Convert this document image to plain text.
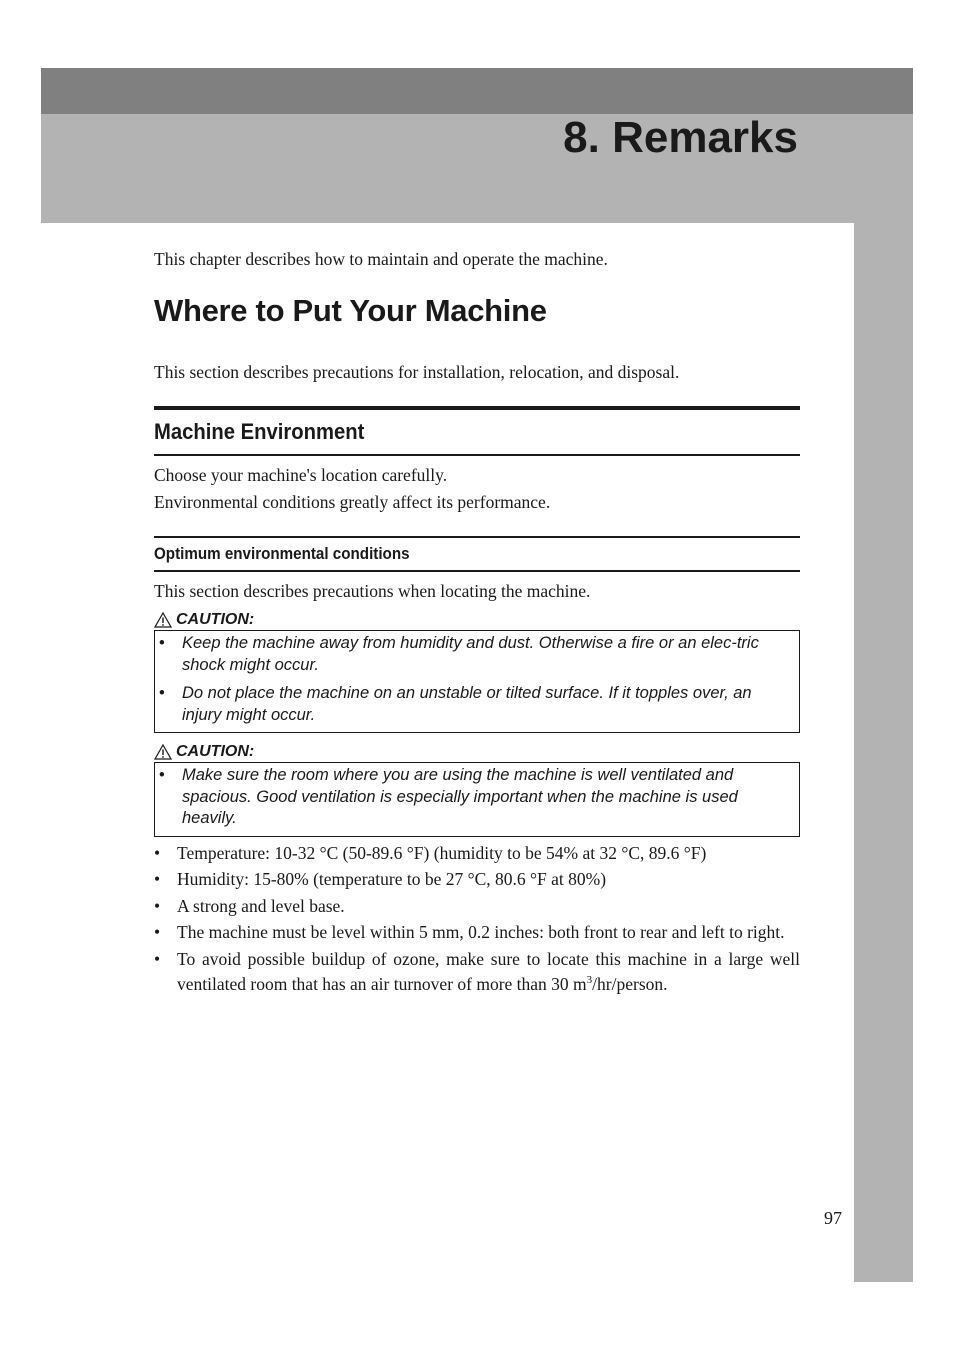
8. Remarks

This chapter describes how to maintain and operate the machine.

Where to Put Your Machine

This section describes precautions for installation, relocation, and disposal.

Machine Environment

Choose your machine's location carefully.

Environmental conditions greatly affect its performance.

Optimum environmental conditions

This section describes precautions when locating the machine.

CAUTION:
•	Keep the machine away from humidity and dust. Otherwise a fire or an elec-tric shock might occur.
•	Do not place the machine on an unstable or tilted surface. If it topples over, an injury might occur.
CAUTION:
•	Make sure the room where you are using the machine is well ventilated and spacious. Good ventilation is especially important when the machine is used heavily.
• Temperature: 10-32 °C (50-89.6 °F) (humidity to be 54% at 32 °C, 89.6 °F)
• Humidity: 15-80% (temperature to be 27 °C, 80.6 °F at 80%)
• A strong and level base.
• The machine must be level within 5 mm, 0.2 inches: both front to rear and left to right.
• To avoid possible buildup of ozone, make sure to locate this machine in a large well ventilated room that has an air turnover of more than 30 $m^3/hr$/person.
97
